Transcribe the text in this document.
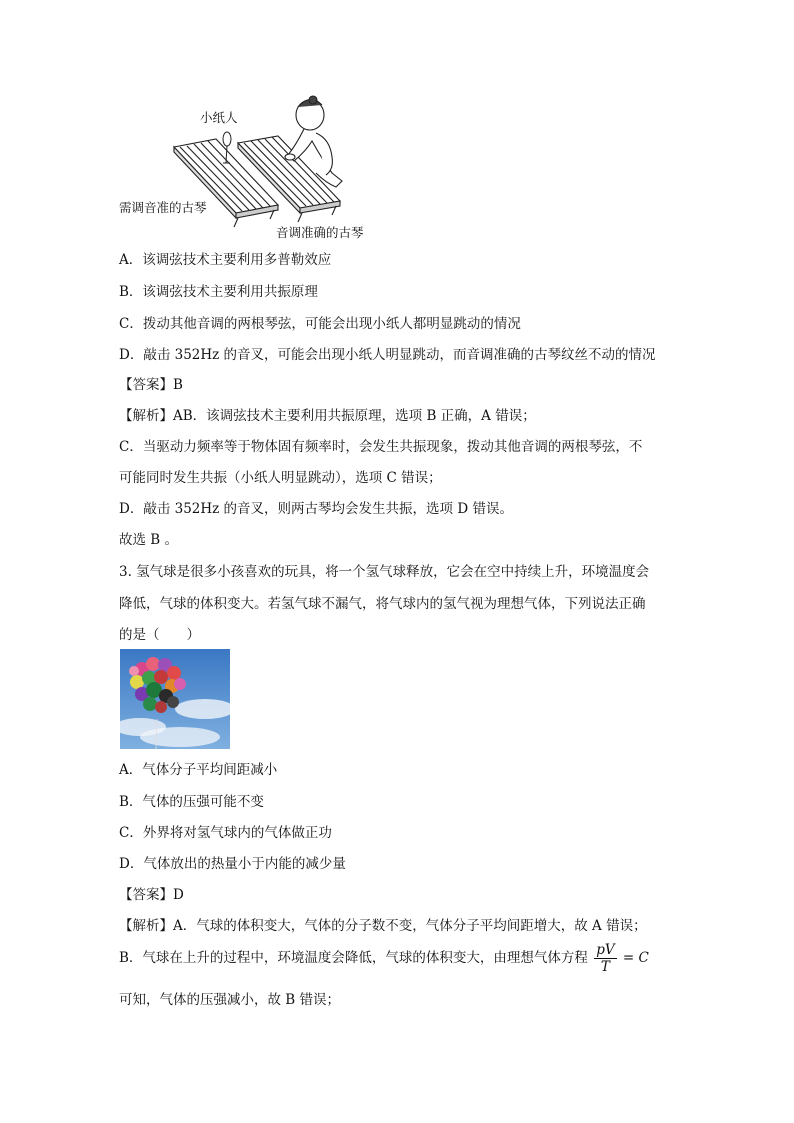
小纸人
需调音准的古琴
音调准确的古琴
A．该调弦技术主要利用多普勒效应
B．该调弦技术主要利用共振原理
C．拨动其他音调的两根琴弦，可能会出现小纸人都明显跳动的情况
D．敲击 352Hz 的音叉，可能会出现小纸人明显跳动，而音调准确的古琴纹丝不动的情况
【答案】B
【解析】AB．该调弦技术主要利用共振原理，选项 B 正确，A 错误；
C．当驱动力频率等于物体固有频率时，会发生共振现象，拨动其他音调的两根琴弦，不
可能同时发生共振（小纸人明显跳动），选项 C 错误；
D．敲击 352Hz 的音叉，则两古琴均会发生共振，选项 D 错误。
故选 B 。
3. 氢气球是很多小孩喜欢的玩具，将一个氢气球释放，它会在空中持续上升，环境温度会
降低，气球的体积变大。若氢气球不漏气，将气球内的氢气视为理想气体，下列说法正确
的是（　　）
A．气体分子平均间距减小
B．气体的压强可能不变
C．外界将对氢气球内的气体做正功
D．气体放出的热量小于内能的减少量
【答案】D
【解析】A．气球的体积变大，气体的分子数不变，气体分子平均间距增大，故 A 错误；
B．气球在上升的过程中，环境温度会降低，气球的体积变大，由理想气体方程 $\frac{pV}{T} = C$
可知，气体的压强减小，故 B 错误；
